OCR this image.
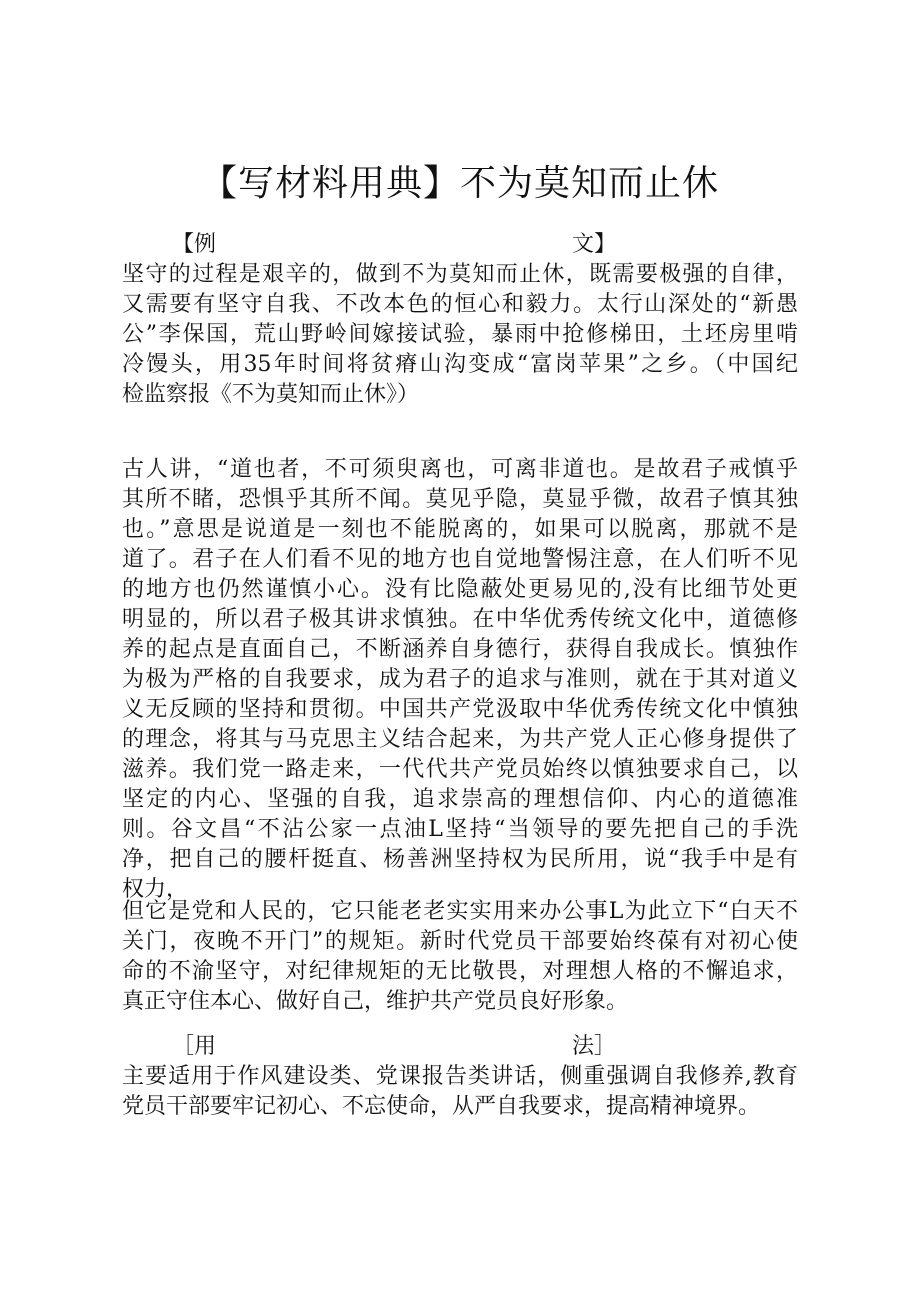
【写材料用典】不为莫知而止休
【例	文】
坚守的过程是艰辛的，做到不为莫知而止休，既需要极强的自律，
又需要有坚守自我、不改本色的恒心和毅力。太行山深处的“新愚
公”李保国，荒山野岭间嫁接试验，暴雨中抢修梯田，土坯房里啃
冷馒头，用35年时间将贫瘠山沟变成“富岗苹果”之乡。（中国纪
检监察报《不为莫知而止休》）
古人讲，“道也者，不可须臾离也，可离非道也。是故君子戒慎乎
其所不睹，恐惧乎其所不闻。莫见乎隐，莫显乎微，故君子慎其独
也。”意思是说道是一刻也不能脱离的，如果可以脱离，那就不是
道了。君子在人们看不见的地方也自觉地警惕注意，在人们听不见
的地方也仍然谨慎小心。没有比隐蔽处更易见的,没有比细节处更
明显的，所以君子极其讲求慎独。在中华优秀传统文化中，道德修
养的起点是直面自己，不断涵养自身德行，获得自我成长。慎独作
为极为严格的自我要求，成为君子的追求与准则，就在于其对道义
义无反顾的坚持和贯彻。中国共产党汲取中华优秀传统文化中慎独
的理念，将其与马克思主义结合起来，为共产党人正心修身提供了
滋养。我们党一路走来，一代代共产党员始终以慎独要求自己，以
坚定的内心、坚强的自我，追求崇高的理想信仰、内心的道德准
则。谷文昌“不沾公家一点油L坚持“当领导的要先把自己的手洗
净，把自己的腰杆挺直、杨善洲坚持权为民所用，说“我手中是有
权力，
但它是党和人民的，它只能老老实实用来办公事L为此立下“白天不
关门，夜晚不开门”的规矩。新时代党员干部要始终葆有对初心使
命的不渝坚守，对纪律规矩的无比敬畏，对理想人格的不懈追求，
真正守住本心、做好自己，维护共产党员良好形象。
［用	法］
主要适用于作风建设类、党课报告类讲话，侧重强调自我修养,教育
党员干部要牢记初心、不忘使命，从严自我要求，提高精神境界。
